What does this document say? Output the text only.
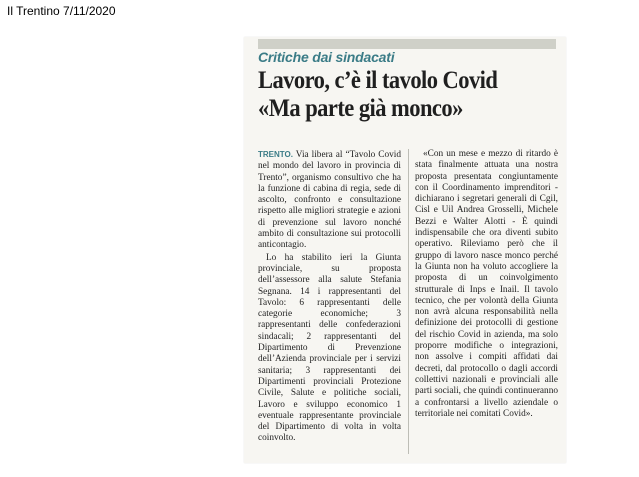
Il Trentino 7/11/2020
Critiche dai sindacati
Lavoro, c’è il tavolo Covid
«Ma parte già monco»

TRENTO. Via libera al “Tavolo Covid nel mondo del lavoro in provincia di Trento”, organismo consultivo che ha la funzione di cabina di regia, sede di ascolto, confronto e consultazione rispetto alle migliori strategie e azioni di prevenzione sul lavoro nonché ambito di consultazione sui protocolli anticontagio.

Lo ha stabilito ieri la Giunta provinciale, su proposta dell’assessore alla salute Stefania Segnana. 14 i rappresentanti del Tavolo: 6 rappresentanti delle categorie economiche; 3 rappresentanti delle confederazioni sindacali; 2 rappresentanti del Dipartimento di Prevenzione dell’Azienda provinciale per i servizi sanitaria; 3 rappresentanti dei Dipartimenti provinciali Protezione Civile, Salute e politiche sociali, Lavoro e sviluppo economico 1 eventuale rappresentante provinciale del Dipartimento di volta in volta coinvolto.

«Con un mese e mezzo di ritardo è stata finalmente attuata una nostra proposta presentata congiuntamente con il Coordinamento imprenditori - dichiarano i segretari generali di Cgil, Cisl e Uil Andrea Grosselli, Michele Bezzi e Walter Alotti - È quindi indispensabile che ora diventi subito operativo. Rileviamo però che il gruppo di lavoro nasce monco perché la Giunta non ha voluto accogliere la proposta di un coinvolgimento strutturale di Inps e Inail. Il tavolo tecnico, che per volontà della Giunta non avrà alcuna responsabilità nella definizione dei protocolli di gestione del rischio Covid in azienda, ma solo proporre modifiche o integrazioni, non assolve i compiti affidati dai decreti, dal protocollo o dagli accordi collettivi nazionali e provinciali alle parti sociali, che quindi continueranno a confrontarsi a livello aziendale o territoriale nei comitati Covid».
